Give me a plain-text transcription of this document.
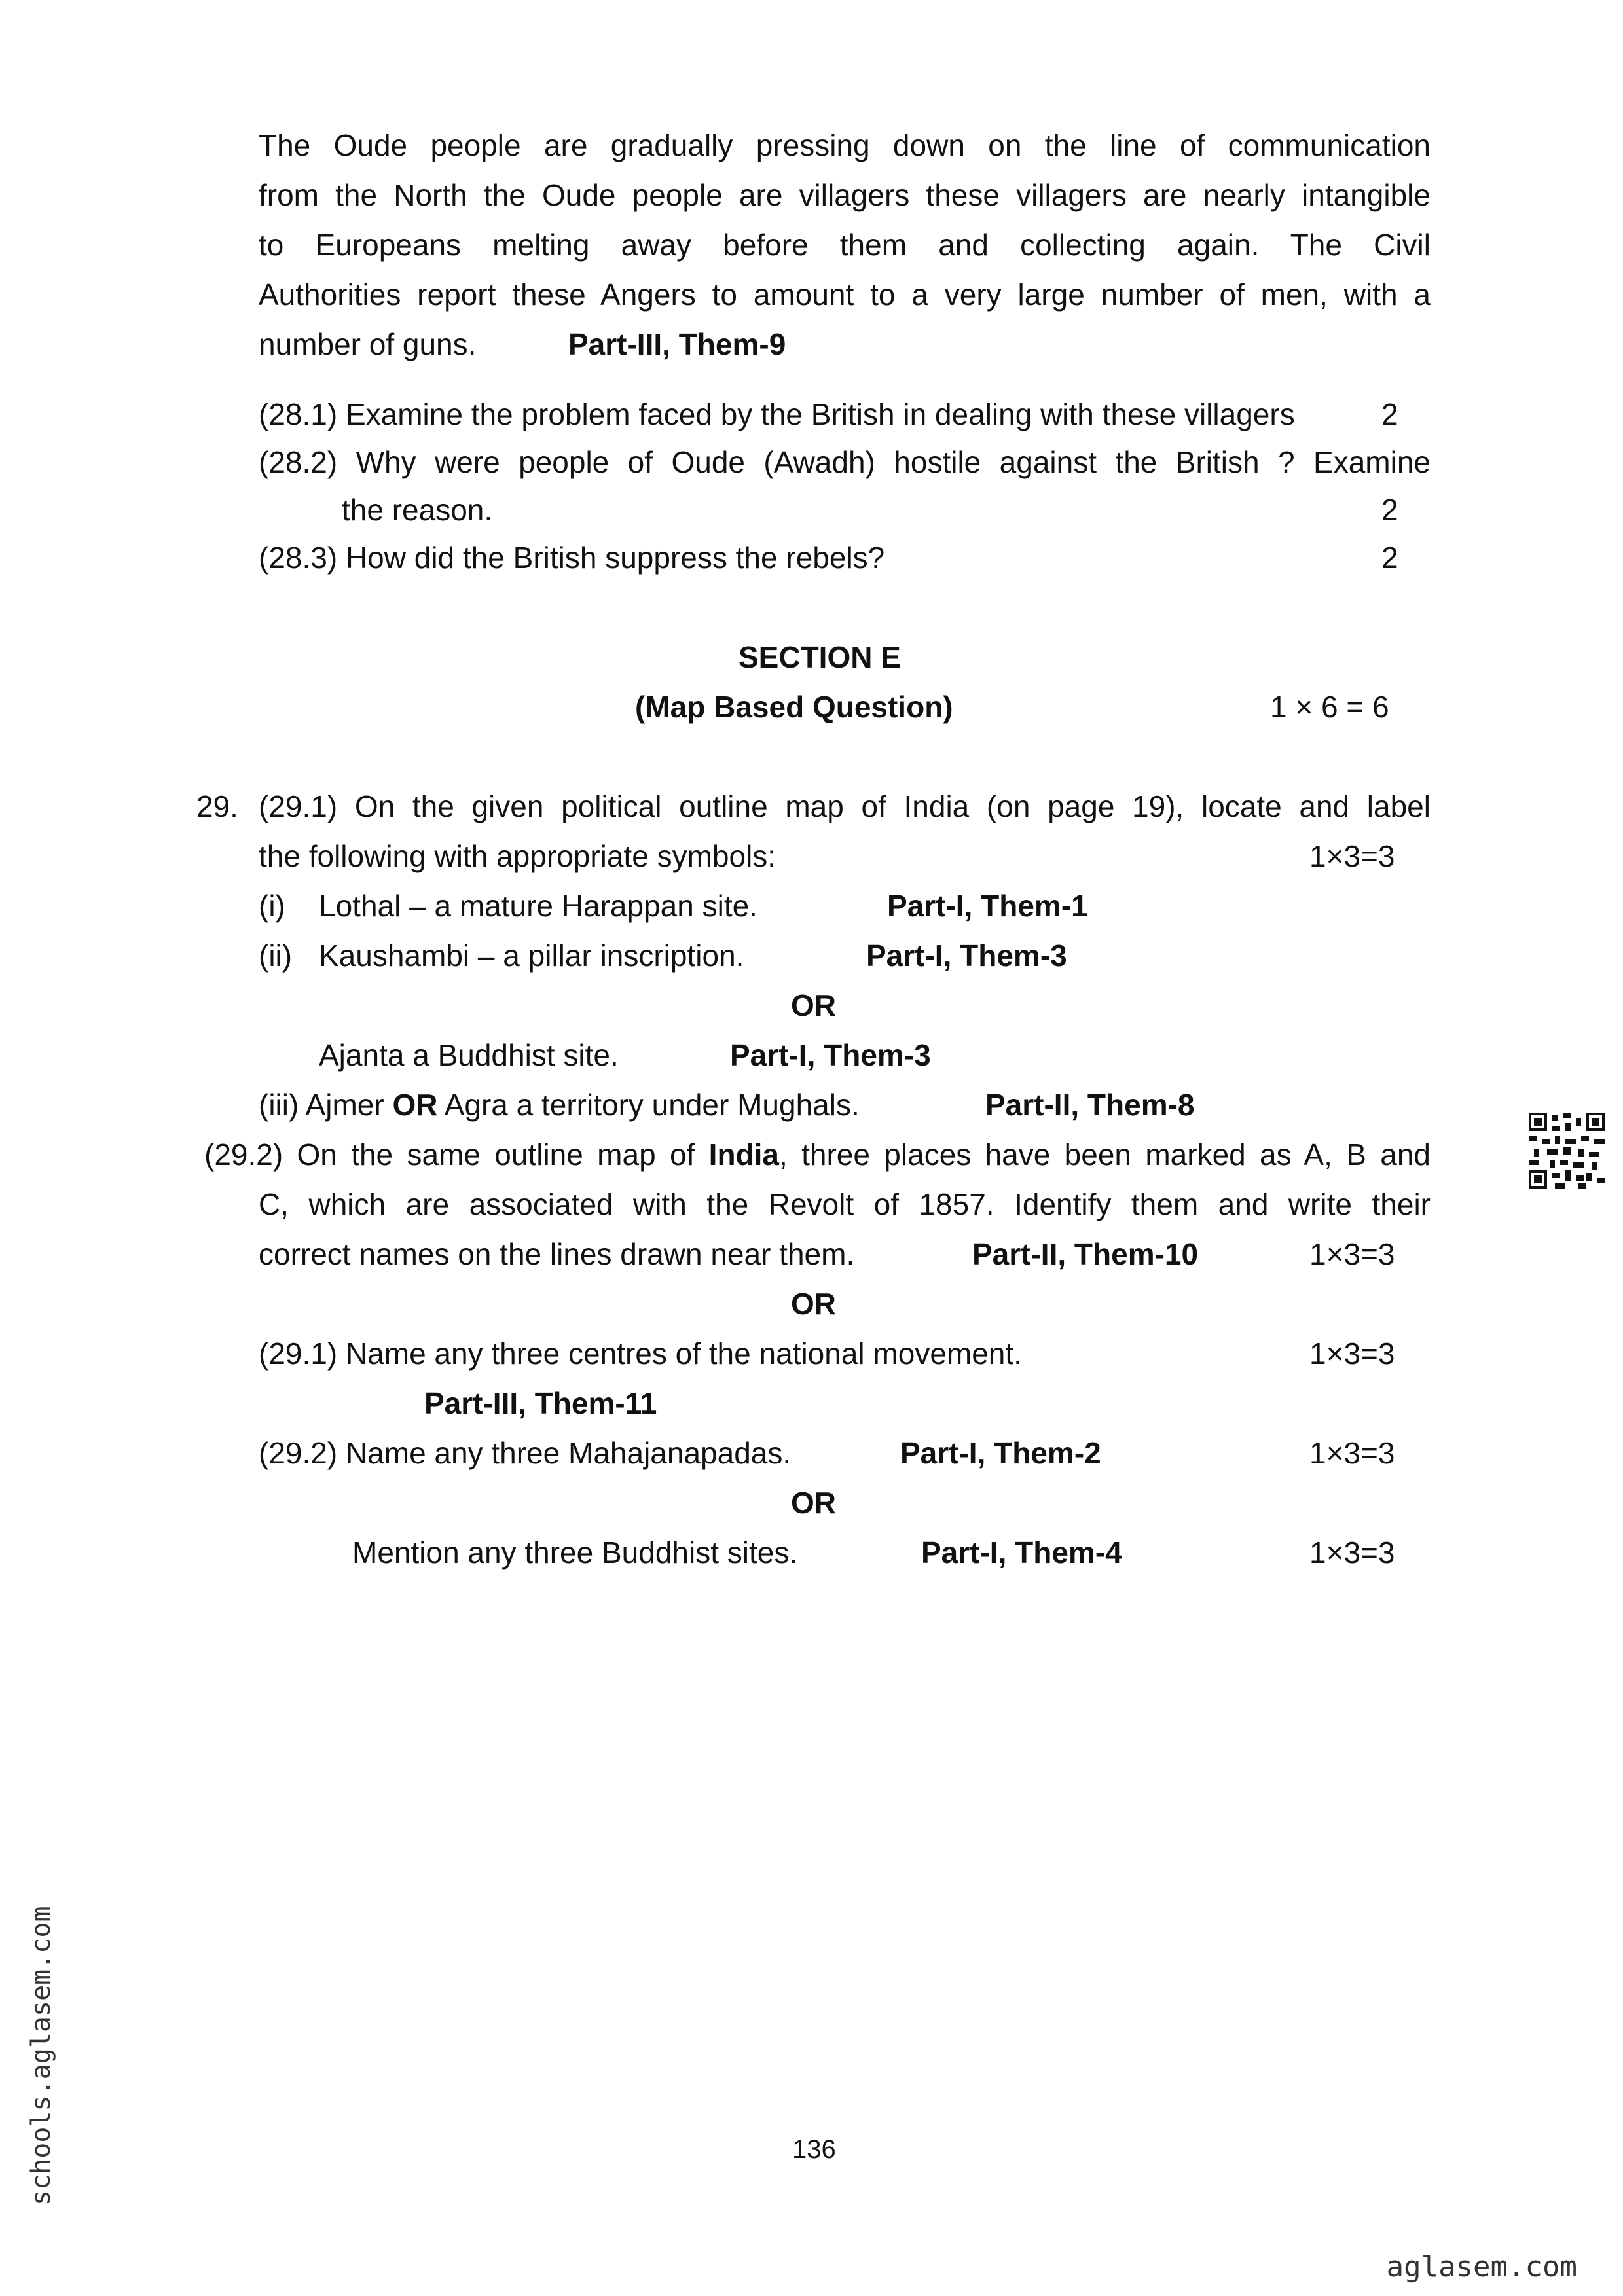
The Oude people are gradually pressing down on the line of communication
from the North the Oude people are villagers these villagers are nearly intangible
to Europeans melting away before them and collecting again. The Civil
Authorities report these Angers to amount to a very large number of men, with a
number of guns.	Part-III, Them-9
(28.1) Examine the problem faced by the British in dealing with these villagers	2
(28.2) Why were people of Oude (Awadh) hostile against the British ? Examine
the reason.	2
(28.3) How did the British suppress the rebels?	2
SECTION E
(Map Based Question)	1 × 6 = 6
29. (29.1) On the given political outline map of India (on page 19), locate and label
the following with appropriate symbols:	1×3=3
(i) Lothal – a mature Harappan site.	Part-I, Them-1
(ii) Kaushambi – a pillar inscription.	Part-I, Them-3
OR
Ajanta a Buddhist site.	Part-I, Them-3
(iii) Ajmer OR Agra a territory under Mughals.	Part-II, Them-8
(29.2) On the same outline map of India, three places have been marked as A, B and
C, which are associated with the Revolt of 1857. Identify them and write their
correct names on the lines drawn near them.	Part-II, Them-10	1×3=3
OR
(29.1) Name any three centres of the national movement.	1×3=3
Part-III, Them-11
(29.2) Name any three Mahajanapadas.	Part-I, Them-2	1×3=3
OR
Mention any three Buddhist sites.	Part-I, Them-4	1×3=3
136
schools.aglasem.com
aglasem.com
